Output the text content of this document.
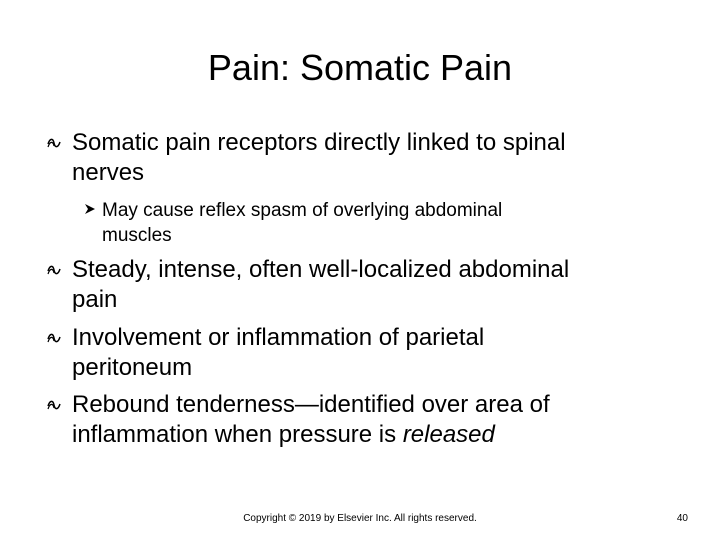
Pain: Somatic Pain

Somatic pain receptors directly linked to spinal
nerves

May cause reflex spasm of overlying abdominal
muscles

Steady, intense, often well-localized abdominal
pain

Involvement or inflammation of parietal
peritoneum

Rebound tenderness—identified over area of
inflammation when pressure is released

Copyright © 2019 by Elsevier Inc. All rights reserved.	40
